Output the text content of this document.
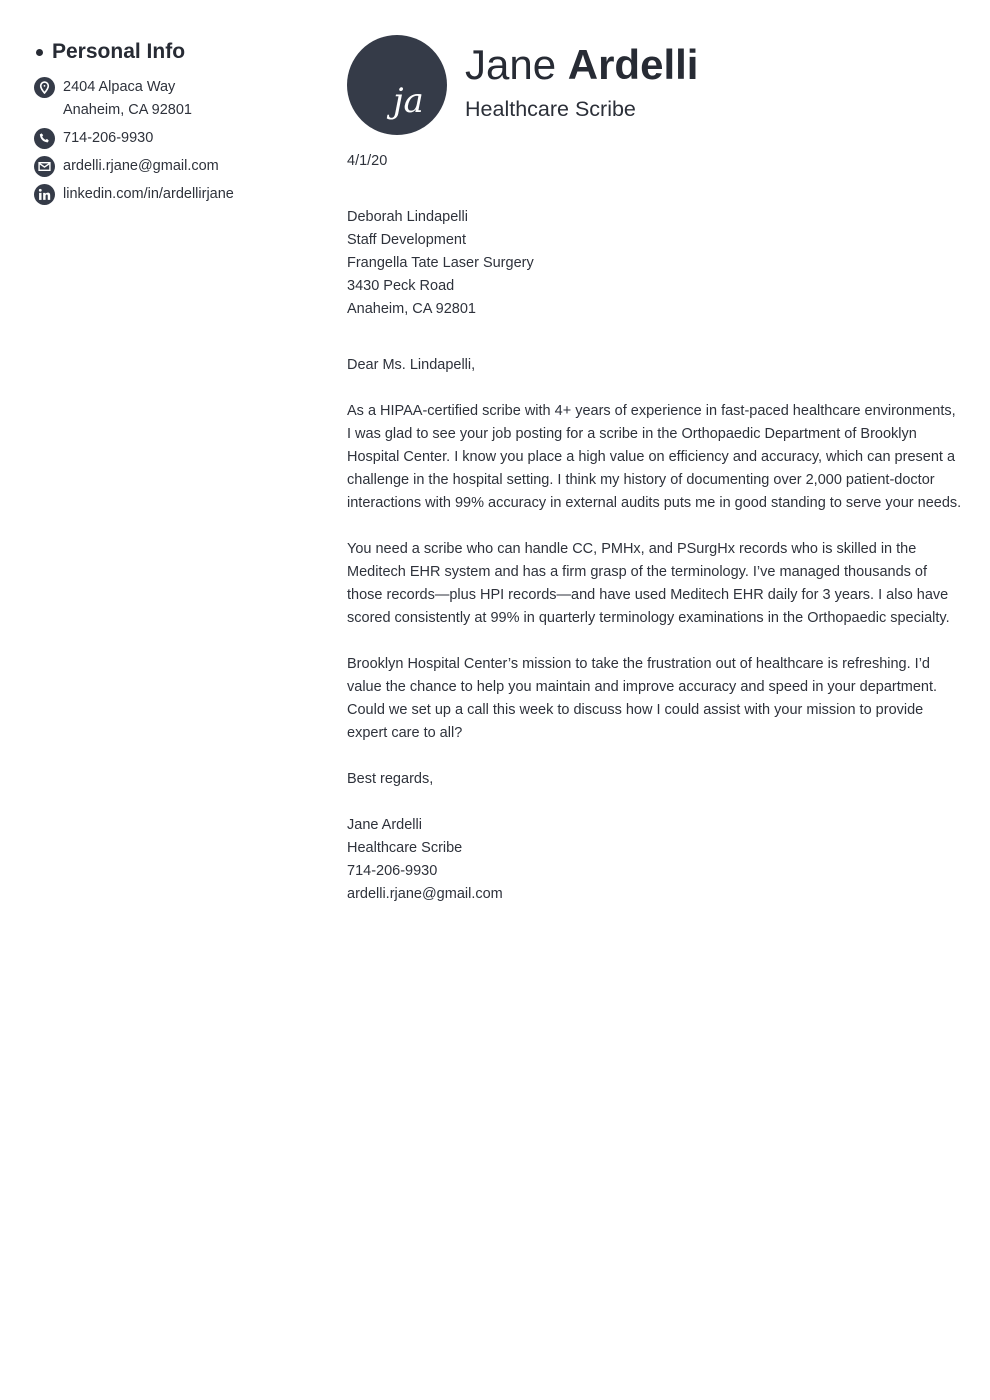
Personal Info
2404 Alpaca Way
Anaheim, CA 92801
714-206-9930
ardelli.rjane@gmail.com
linkedin.com/in/ardellirjane
ja
Jane Ardelli
Healthcare Scribe
4/1/20
Deborah Lindapelli
Staff Development
Frangella Tate Laser Surgery
3430 Peck Road
Anaheim, CA 92801
Dear Ms. Lindapelli,

As a HIPAA-certified scribe with 4+ years of experience in fast-paced healthcare environments, I was glad to see your job posting for a scribe in the Orthopaedic Department of Brooklyn Hospital Center. I know you place a high value on efficiency and accuracy, which can present a challenge in the hospital setting. I think my history of documenting over 2,000 patient-doctor interactions with 99% accuracy in external audits puts me in good standing to serve your needs.

You need a scribe who can handle CC, PMHx, and PSurgHx records who is skilled in the Meditech EHR system and has a firm grasp of the terminology. I’ve managed thousands of those records—plus HPI records—and have used Meditech EHR daily for 3 years. I also have scored consistently at 99% in quarterly terminology examinations in the Orthopaedic specialty.

Brooklyn Hospital Center’s mission to take the frustration out of healthcare is refreshing. I’d value the chance to help you maintain and improve accuracy and speed in your department. Could we set up a call this week to discuss how I could assist with your mission to provide expert care to all?

Best regards,
Jane Ardelli
Healthcare Scribe
714-206-9930
ardelli.rjane@gmail.com
